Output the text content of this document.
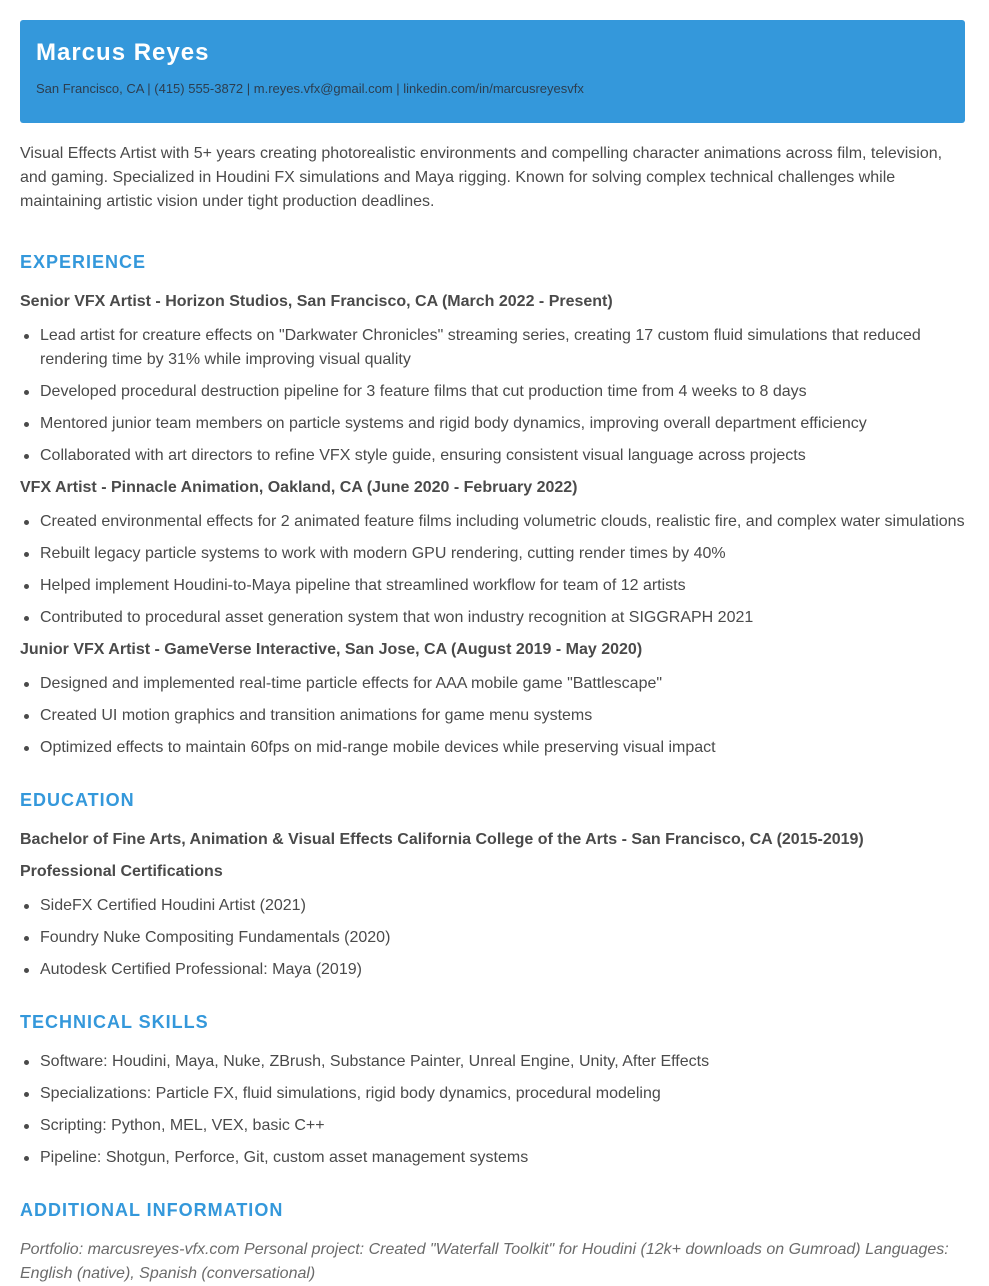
Marcus Reyes
San Francisco, CA | (415) 555-3872 | m.reyes.vfx@gmail.com | linkedin.com/in/marcusreyesvfx

Visual Effects Artist with 5+ years creating photorealistic environments and compelling character animations across film, television, and gaming. Specialized in Houdini FX simulations and Maya rigging. Known for solving complex technical challenges while maintaining artistic vision under tight production deadlines.

EXPERIENCE
Senior VFX Artist - Horizon Studios, San Francisco, CA (March 2022 - Present)
Lead artist for creature effects on "Darkwater Chronicles" streaming series, creating 17 custom fluid simulations that reduced rendering time by 31% while improving visual quality
Developed procedural destruction pipeline for 3 feature films that cut production time from 4 weeks to 8 days
Mentored junior team members on particle systems and rigid body dynamics, improving overall department efficiency
Collaborated with art directors to refine VFX style guide, ensuring consistent visual language across projects
VFX Artist - Pinnacle Animation, Oakland, CA (June 2020 - February 2022)
Created environmental effects for 2 animated feature films including volumetric clouds, realistic fire, and complex water simulations
Rebuilt legacy particle systems to work with modern GPU rendering, cutting render times by 40%
Helped implement Houdini-to-Maya pipeline that streamlined workflow for team of 12 artists
Contributed to procedural asset generation system that won industry recognition at SIGGRAPH 2021
Junior VFX Artist - GameVerse Interactive, San Jose, CA (August 2019 - May 2020)
Designed and implemented real-time particle effects for AAA mobile game "Battlescape"
Created UI motion graphics and transition animations for game menu systems
Optimized effects to maintain 60fps on mid-range mobile devices while preserving visual impact
EDUCATION
Bachelor of Fine Arts, Animation & Visual Effects California College of the Arts - San Francisco, CA (2015-2019)
Professional Certifications
SideFX Certified Houdini Artist (2021)
Foundry Nuke Compositing Fundamentals (2020)
Autodesk Certified Professional: Maya (2019)
TECHNICAL SKILLS
Software: Houdini, Maya, Nuke, ZBrush, Substance Painter, Unreal Engine, Unity, After Effects
Specializations: Particle FX, fluid simulations, rigid body dynamics, procedural modeling
Scripting: Python, MEL, VEX, basic C++
Pipeline: Shotgun, Perforce, Git, custom asset management systems
ADDITIONAL INFORMATION

Portfolio: marcusreyes-vfx.com Personal project: Created "Waterfall Toolkit" for Houdini (12k+ downloads on Gumroad) Languages: English (native), Spanish (conversational)
